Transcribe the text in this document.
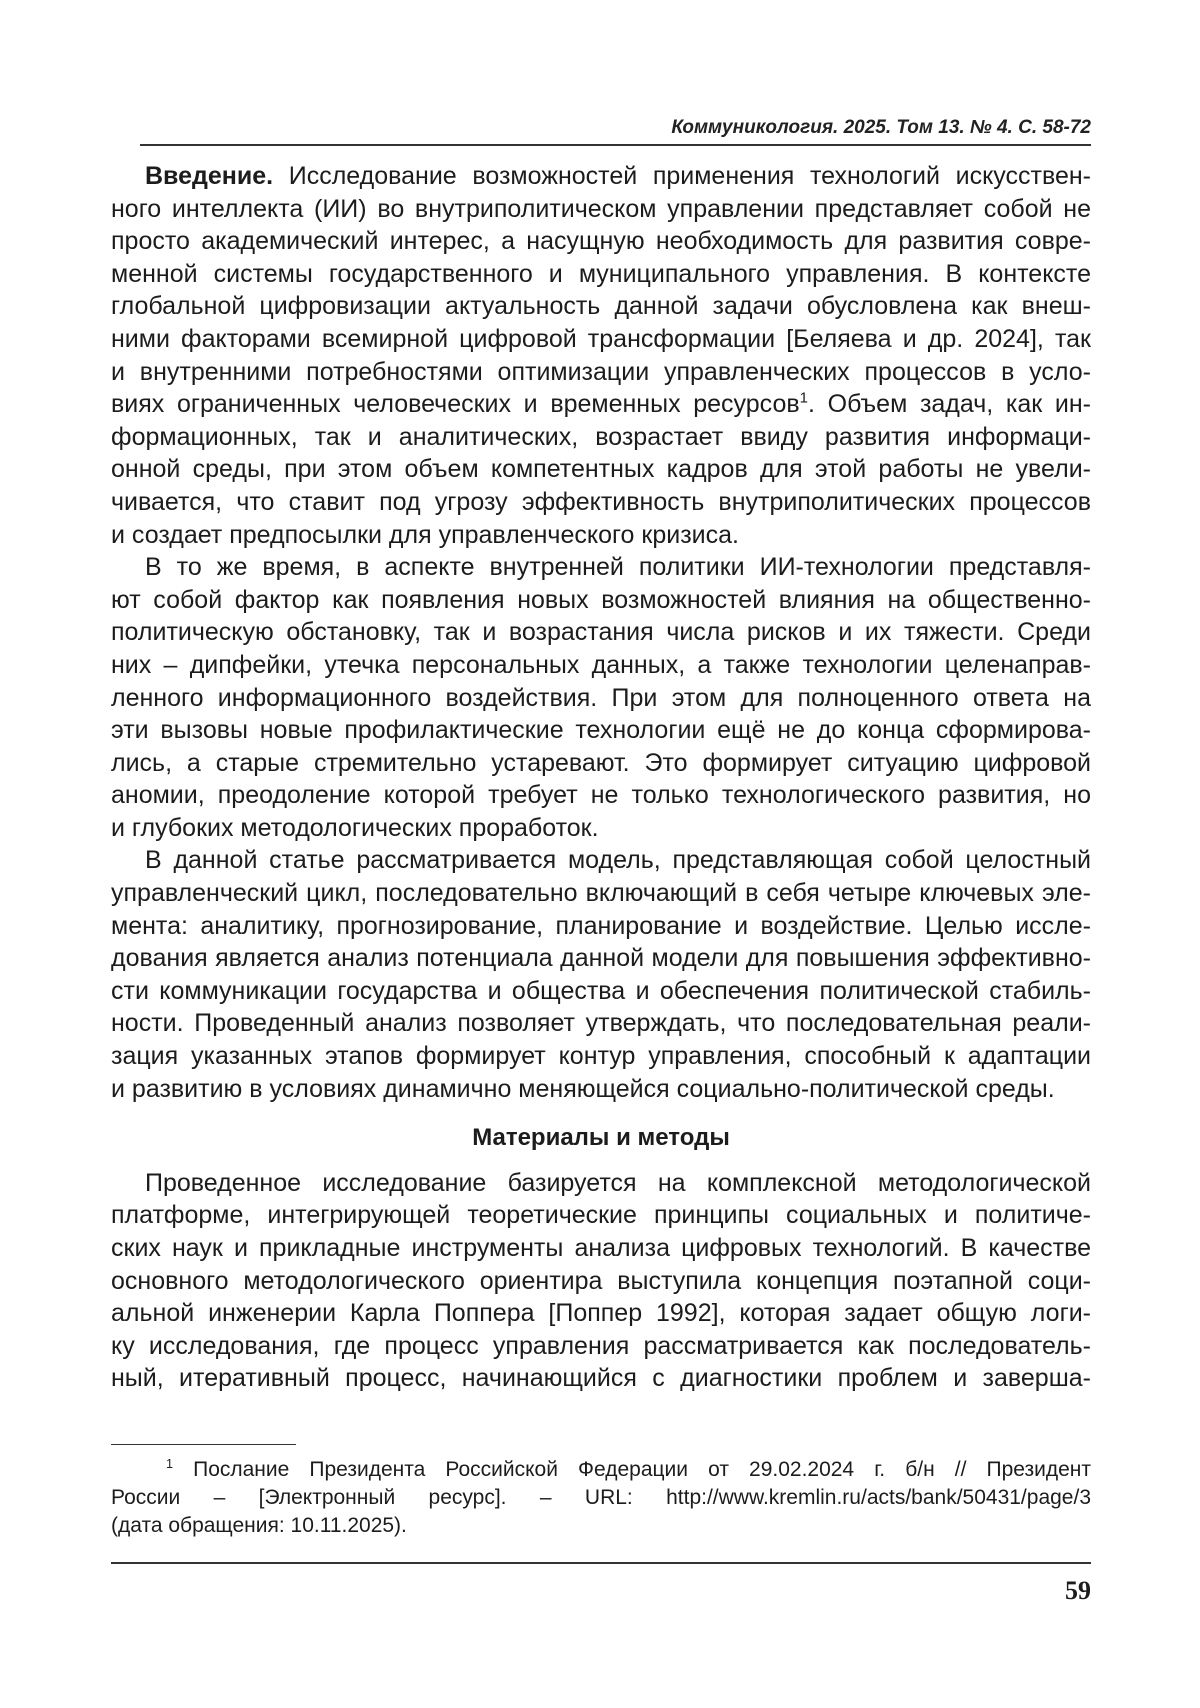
Коммуникология. 2025. Том 13. № 4. С. 58-72
Введение. Исследование возможностей применения технологий искусствен-
ного интеллекта (ИИ) во внутриполитическом управлении представляет собой не
просто академический интерес, а насущную необходимость для развития совре-
менной системы государственного и муниципального управления. В контексте
глобальной цифровизации актуальность данной задачи обусловлена как внеш-
ними факторами всемирной цифровой трансформации [Беляева и др. 2024], так
и внутренними потребностями оптимизации управленческих процессов в усло-
виях ограниченных человеческих и временных ресурсов$^1$. Объем задач, как ин-
формационных, так и аналитических, возрастает ввиду развития информаци-
онной среды, при этом объем компетентных кадров для этой работы не увели-
чивается, что ставит под угрозу эффективность внутриполитических процессов
и создает предпосылки для управленческого кризиса.
В то же время, в аспекте внутренней политики ИИ-технологии представля-
ют собой фактор как появления новых возможностей влияния на общественно-
политическую обстановку, так и возрастания числа рисков и их тяжести. Среди
них – дипфейки, утечка персональных данных, а также технологии целенаправ-
ленного информационного воздействия. При этом для полноценного ответа на
эти вызовы новые профилактические технологии ещё не до конца сформирова-
лись, а старые стремительно устаревают. Это формирует ситуацию цифровой
аномии, преодоление которой требует не только технологического развития, но
и глубоких методологических проработок.
В данной статье рассматривается модель, представляющая собой целостный
управленческий цикл, последовательно включающий в себя четыре ключевых эле-
мента: аналитику, прогнозирование, планирование и воздействие. Целью иссле-
дования является анализ потенциала данной модели для повышения эффективно-
сти коммуникации государства и общества и обеспечения политической стабиль-
ности. Проведенный анализ позволяет утверждать, что последовательная реали-
зация указанных этапов формирует контур управления, способный к адаптации
и развитию в условиях динамично меняющейся социально-политической среды.
Материалы и методы
Проведенное исследование базируется на комплексной методологической
платформе, интегрирующей теоретические принципы социальных и политиче-
ских наук и прикладные инструменты анализа цифровых технологий. В качестве
основного методологического ориентира выступила концепция поэтапной соци-
альной инженерии Карла Поппера [Поппер 1992], которая задает общую логи-
ку исследования, где процесс управления рассматривается как последователь-
ный, итеративный процесс, начинающийся с диагностики проблем и заверша-
$^1$ Послание Президента Российской Федерации от 29.02.2024 г. б/н // Президент
России – [Электронный ресурс]. – URL: http://www.kremlin.ru/acts/bank/50431/page/3
(дата обращения: 10.11.2025).
59
